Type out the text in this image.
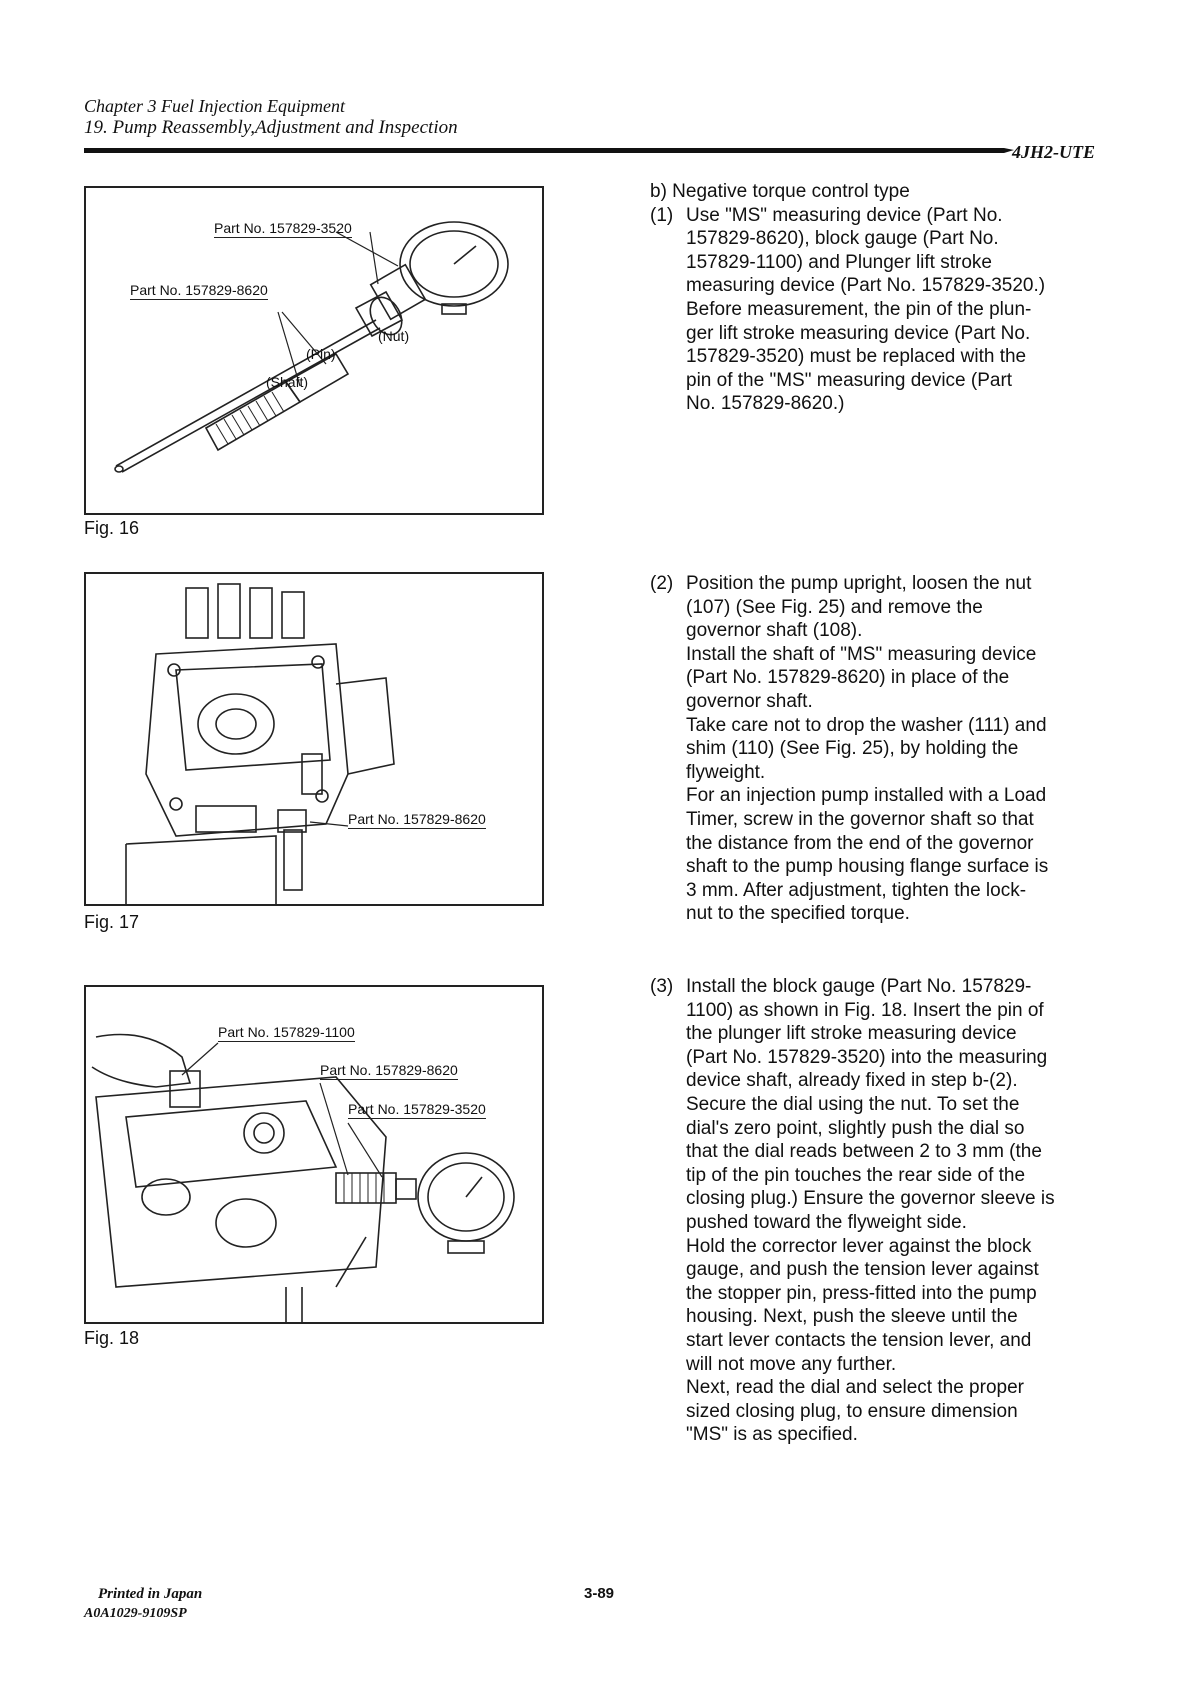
Chapter 3 Fuel Injection Equipment
19. Pump Reassembly,Adjustment and Inspection
4JH2-UTE
Part No. 157829-3520
Part No. 157829-8620
(Nut)
(Pin)
(Shaft)
Fig. 16
Part No. 157829-8620
Fig. 17
Part No. 157829-1100
Part No. 157829-8620
Part No. 157829-3520
Fig. 18
b) Negative torque control type
(1) Use "MS" measuring device (Part No.
157829-8620), block gauge (Part No.
157829-1100) and Plunger lift stroke
measuring device (Part No. 157829-3520.)
Before measurement, the pin of the plun-
ger lift stroke measuring device (Part No.
157829-3520) must be replaced with the
pin of the "MS" measuring device (Part
No. 157829-8620.)
(2) Position the pump upright, loosen the nut
(107) (See Fig. 25) and remove the
governor shaft (108).
Install the shaft of "MS" measuring device
(Part No. 157829-8620) in place of the
governor shaft.
Take care not to drop the washer (111) and
shim (110) (See Fig. 25), by holding the
flyweight.
For an injection pump installed with a Load
Timer, screw in the governor shaft so that
the distance from the end of the governor
shaft to the pump housing flange surface is
3 mm. After adjustment, tighten the lock-
nut to the specified torque.
(3) Install the block gauge (Part No. 157829-
1100) as shown in Fig. 18. Insert the pin of
the plunger lift stroke measuring device
(Part No. 157829-3520) into the measuring
device shaft, already fixed in step b-(2).
Secure the dial using the nut. To set the
dial's zero point, slightly push the dial so
that the dial reads between 2 to 3 mm (the
tip of the pin touches the rear side of the
closing plug.) Ensure the governor sleeve is
pushed toward the flyweight side.
Hold the corrector lever against the block
gauge, and push the tension lever against
the stopper pin, press-fitted into the pump
housing. Next, push the sleeve until the
start lever contacts the tension lever, and
will not move any further.
Next, read the dial and select the proper
sized closing plug, to ensure dimension
"MS" is as specified.
Printed in Japan
A0A1029-9109SP
3-89
